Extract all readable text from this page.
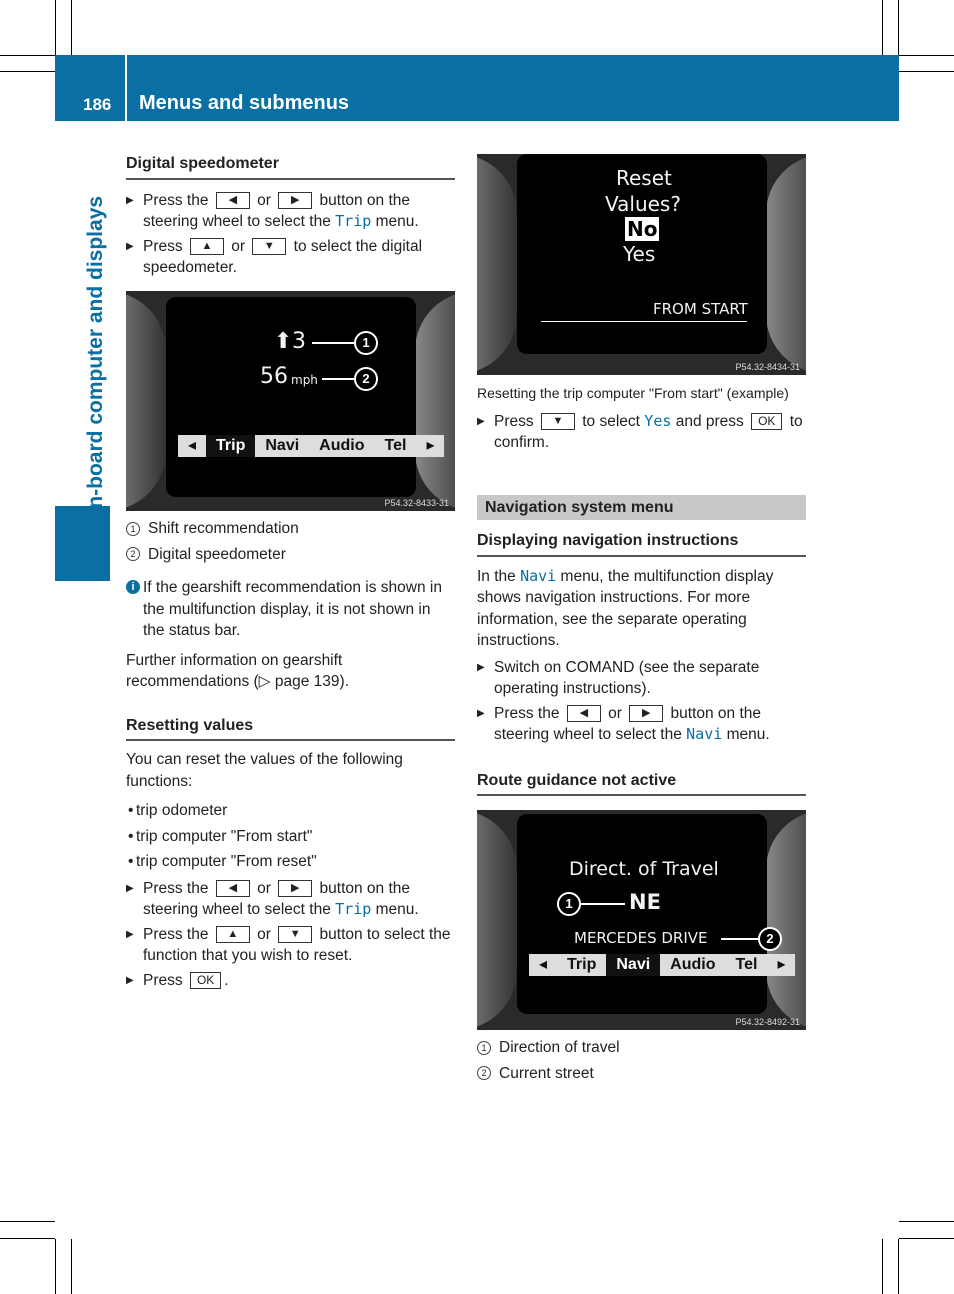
186 Menus and submenus
On-board computer and displays

Digital speedometer

▶ Press the ◀ or ▶ button on the steering wheel to select the Trip menu.

▶ Press ▲ or ▼ to select the digital speedometer.

⬆ 3	1
56 mph	2
◂	Trip	Navi	Audio	Tel	▸
P54.32-8433-31

1 Shift recommendation

2 Digital speedometer

i If the gearshift recommendation is shown in the multifunction display, it is not shown in the status bar.

Further information on gearshift recommendations (▷ page 139).

Resetting values

You can reset the values of the following functions:

• trip odometer

• trip computer "From start"

• trip computer "From reset"

▶ Press the ◀ or ▶ button on the steering wheel to select the Trip menu.

▶ Press the ▲ or ▼ button to select the function that you wish to reset.

▶ Press OK .

Reset
Values?
No
Yes
FROM START
P54.32-8434-31

Resetting the trip computer "From start" (example)

▶ Press ▼ to select Yes and press OK to confirm.

Navigation system menu

Displaying navigation instructions

In the Navi menu, the multifunction display shows navigation instructions. For more information, see the separate operating instructions.

▶ Switch on COMAND (see the separate operating instructions).

▶ Press the ◀ or ▶ button on the steering wheel to select the Navi menu.

Route guidance not active

Direct. of Travel
1	NE
MERCEDES DRIVE	2
◂	Trip	Navi	Audio	Tel	▸
P54.32-8492-31

1 Direction of travel

2 Current street
